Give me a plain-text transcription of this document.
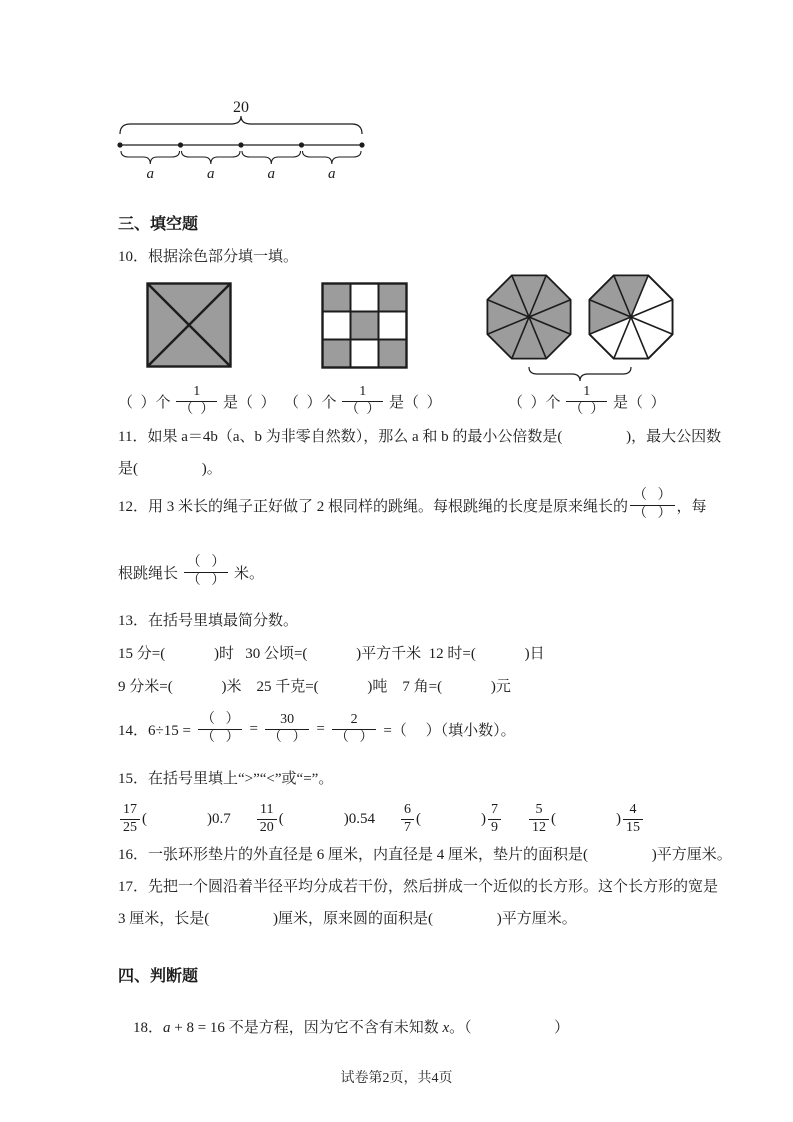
20
a	a	a	a
三、填空题
10．根据涂色部分填一填。
（  ）个 $\frac{1}{( )}$ 是（  ） （  ）个 $\frac{1}{( )}$ 是（  ）	（  ）个 $\frac{1}{( )}$ 是（  ）
11．如果 a＝4b（a、b 为非零自然数），那么 a 和 b 的最小公倍数是(                 )，最大公因数
是(                 )。
12．用 3 米长的绳子正好做了 2 根同样的跳绳。每根跳绳的长度是原来绳长的 $\frac{( )}{( )}$ ，每
根跳绳长 $\frac{( )}{( )}$ 米。
13．在括号里填最简分数。
15 分=(             )时   30 公顷=(             )平方千米  12 时=(             )日
9 分米=(             )米    25 千克=(             )吨    7 角=(             )元
14．$6\div 15 = \frac{( )}{( )} = \frac{30}{( )} = \frac{2}{( )}$ =（     ）（填小数）。
15．在括号里填上“>”“<”或“=”。
$\frac{17}{25}$ (                ) $0.7 \frac{11}{20}$ (                ) $0.54 \frac{6}{7}$ (                ) $\frac{7}{9} \frac{5}{12}$ (                ) $\frac{4}{15}$
16．一张环形垫片的外直径是 6 厘米，内直径是 4 厘米，垫片的面积是(                 )平方厘米。
17．先把一个圆沿着半径平均分成若干份，然后拼成一个近似的长方形。这个长方形的宽是
3 厘米，长是(                 )厘米，原来圆的面积是(                 )平方厘米。
四、判断题

18．a + 8 = 16 不是方程，因为它不含有未知数 x。（                      ）

试卷第2页，共4页
